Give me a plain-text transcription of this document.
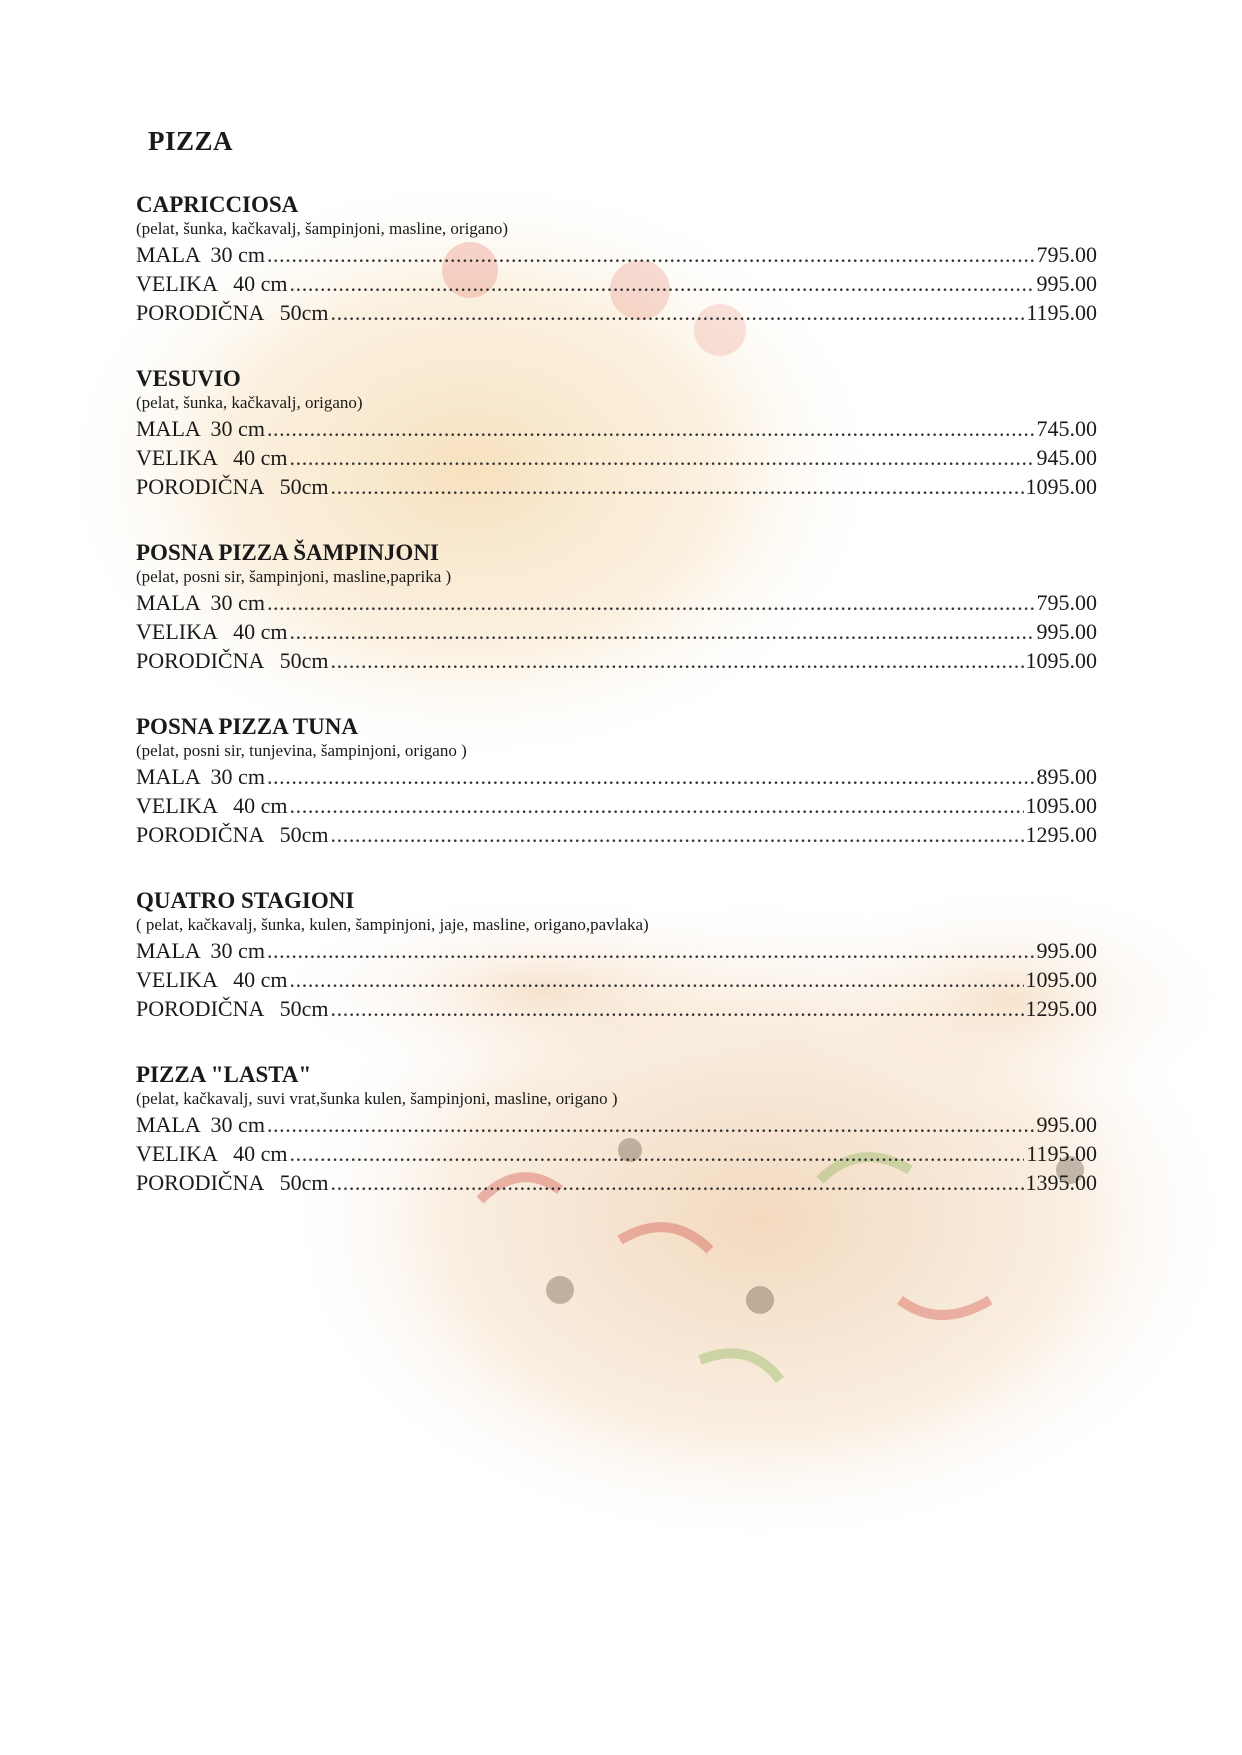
PIZZA
CAPRICCIOSA
(pelat, šunka, kačkavalj, šampinjoni, masline, origano)
MALA  30 cm .....	795.00
VELIKA   40 cm .....	995.00
PORODIČNA   50cm .....	1195.00
VESUVIO
(pelat, šunka, kačkavalj, origano)
MALA  30 cm .....	745.00
VELIKA   40 cm .....	945.00
PORODIČNA   50cm .....	1095.00
POSNA PIZZA ŠAMPINJONI
(pelat, posni sir, šampinjoni, masline,paprika )
MALA  30 cm .....	795.00
VELIKA   40 cm .....	995.00
PORODIČNA   50cm .....	1095.00
POSNA PIZZA TUNA
(pelat, posni sir, tunjevina, šampinjoni, origano )
MALA  30 cm .....	895.00
VELIKA   40 cm .....	1095.00
PORODIČNA   50cm .....	1295.00
QUATRO STAGIONI
( pelat, kačkavalj, šunka, kulen, šampinjoni, jaje, masline, origano,pavlaka)
MALA  30 cm .....	995.00
VELIKA   40 cm .....	1095.00
PORODIČNA   50cm .....	1295.00
PIZZA "LASTA"
(pelat, kačkavalj, suvi vrat,šunka kulen, šampinjoni, masline, origano )
MALA  30 cm .....	995.00
VELIKA   40 cm .....	1195.00
PORODIČNA   50cm .....	1395.00
